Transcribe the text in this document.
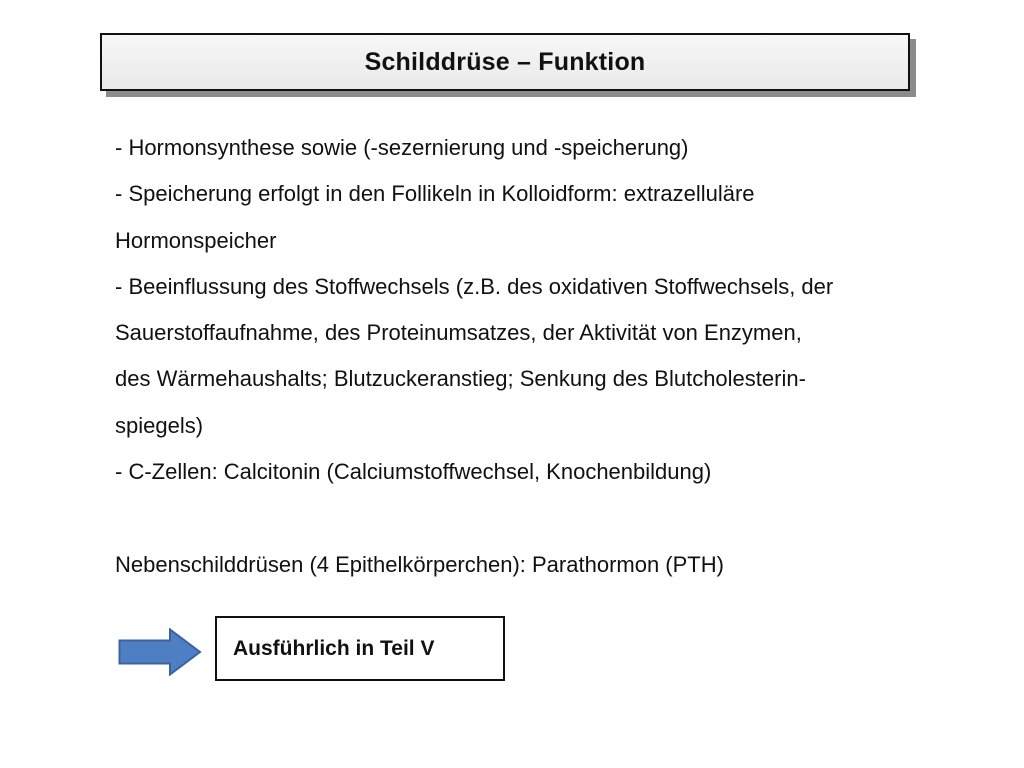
Schilddrüse – Funktion
- Hormonsynthese sowie (-sezernierung und -speicherung)
- Speicherung erfolgt in den Follikeln in Kolloidform: extrazelluläre
Hormonspeicher
- Beeinflussung des Stoffwechsels (z.B. des oxidativen Stoffwechsels, der
Sauerstoffaufnahme, des Proteinumsatzes, der Aktivität von Enzymen,
des Wärmehaushalts; Blutzuckeranstieg; Senkung des Blutcholesterin-
spiegels)
- C-Zellen: Calcitonin (Calciumstoffwechsel, Knochenbildung)
Nebenschilddrüsen (4 Epithelkörperchen): Parathormon (PTH)
Ausführlich in Teil V
